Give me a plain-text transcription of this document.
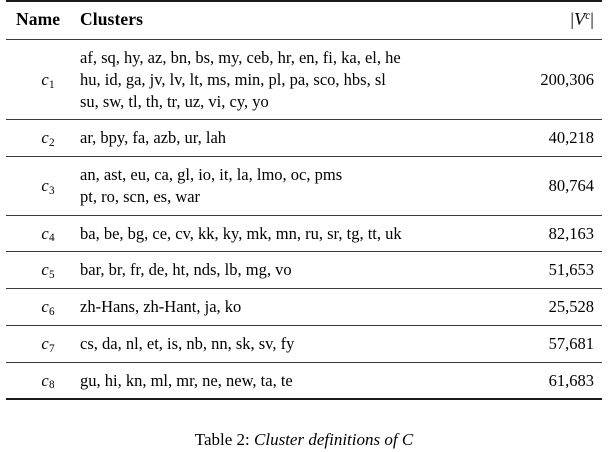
Name	Clusters	$|V^c|$

$c_1$	af, sq, hy, az, bn, bs, my, ceb, hr, en, fi, ka, el, he
hu, id, ga, jv, lv, lt, ms, min, pl, pa, sco, hbs, sl
su, sw, tl, th, tr, uz, vi, cy, yo	200,306

$c_2$	ar, bpy, fa, azb, ur, lah	40,218

$c_3$	an, ast, eu, ca, gl, io, it, la, lmo, oc, pms
pt, ro, scn, es, war	80,764

$c_4$	ba, be, bg, ce, cv, kk, ky, mk, mn, ru, sr, tg, tt, uk	82,163

$c_5$	bar, br, fr, de, ht, nds, lb, mg, vo	51,653

$c_6$	zh-Hans, zh-Hant, ja, ko	25,528

$c_7$	cs, da, nl, et, is, nb, nn, sk, sv, fy	57,681

$c_8$	gu, hi, kn, ml, mr, ne, new, ta, te	61,683

Table 2: Cluster definitions of C
